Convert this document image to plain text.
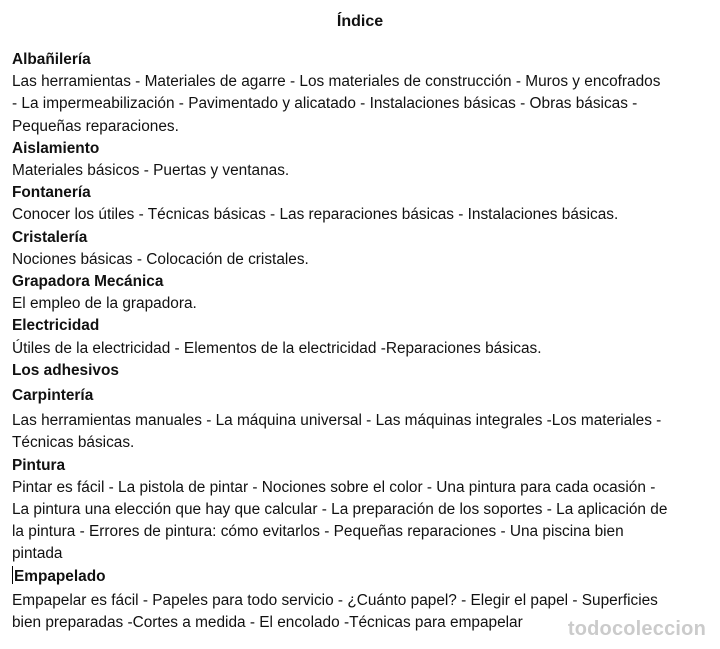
Índice
Albañilería
Las herramientas - Materiales de agarre - Los materiales de construcción - Muros y encofrados
- La impermeabilización - Pavimentado y alicatado - Instalaciones básicas - Obras básicas -
Pequeñas reparaciones.
Aislamiento
Materiales básicos - Puertas y ventanas.
Fontanería
Conocer los útiles - Técnicas básicas - Las reparaciones básicas - Instalaciones básicas.
Cristalería
Nociones básicas - Colocación de cristales.
Grapadora Mecánica
El empleo de la grapadora.
Electricidad
Útiles de la electricidad - Elementos de la electricidad -Reparaciones básicas.
Los adhesivos
Carpintería
Las herramientas manuales - La máquina universal - Las máquinas integrales -Los materiales -
Técnicas básicas.
Pintura
Pintar es fácil - La pistola de pintar - Nociones sobre el color - Una pintura para cada ocasión -
La pintura una elección que hay que calcular - La preparación de los soportes - La aplicación de
la pintura - Errores de pintura: cómo evitarlos - Pequeñas reparaciones - Una piscina bien
pintada
Empapelado
Empapelar es fácil - Papeles para todo servicio - ¿Cuánto papel? - Elegir el papel - Superficies
bien preparadas -Cortes a medida - El encolado -Técnicas para empapelar	todocoleccion
